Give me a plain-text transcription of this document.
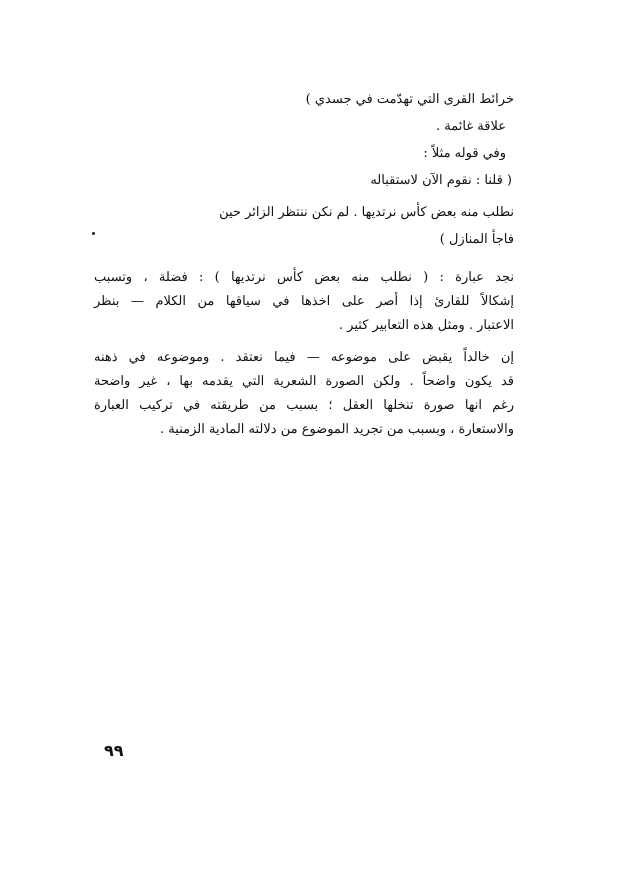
خرائط القرى التي تهدّمت في جسدي )
علاقة غائمة .
وفي قوله مثلاً :
( قلنا : نقوم الآن لاستقباله
نطلب منه بعض كأس نرتديها . لم نكن ننتظر الزائر حين
فاجأ المنازل )
نجد عبارة : ( نطلب منه بعض كأس نرتديها ) : فضلة ، وتسبب
إشكالاً للقارئ إذا أصر على اخذها في سياقها من الكلام — بنظر
الاعتبار . ومثل هذه التعابير كثير .
إن خالداً يقبض على موضوعه — فيما نعتقد . وموضوعه في ذهنه
قد يكون واضحاً . ولكن الصورة الشعرية التي يقدمه بها ، غير واضحة
رغم انها صورة تنخلها العقل ؛ بسبب من طريقته في تركيب العبارة
والاستعارة ، وبسبب من تجريد الموضوع من دلالته المادية الزمنية .
٩٩
